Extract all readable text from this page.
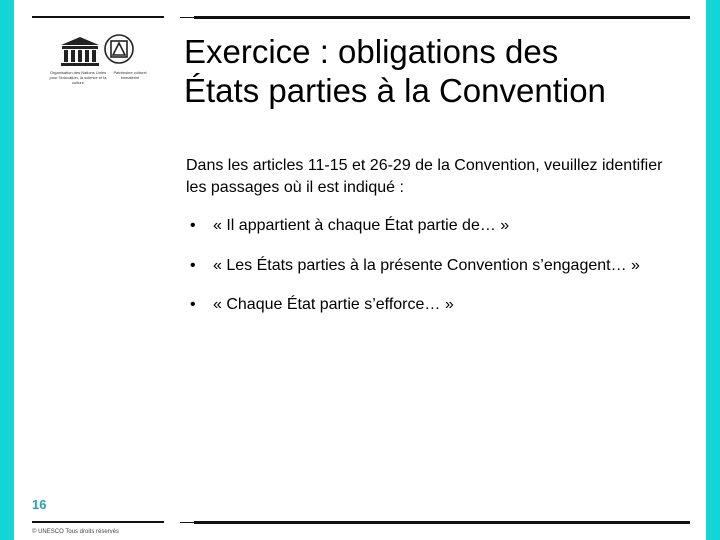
Organisation des Nations Unies pour l’éducation, la science et la culture
Patrimoine culturel immatériel
Exercice : obligations des
États parties à la Convention

Dans les articles 11-15 et 26-29 de la Convention, veuillez identifier les passages où il est indiqué :

• « Il appartient à chaque État partie de… »
• « Les États parties à la présente Convention s’engagent… »
• « Chaque État partie s’efforce… »
16
© UNESCO Tous droits réservés
